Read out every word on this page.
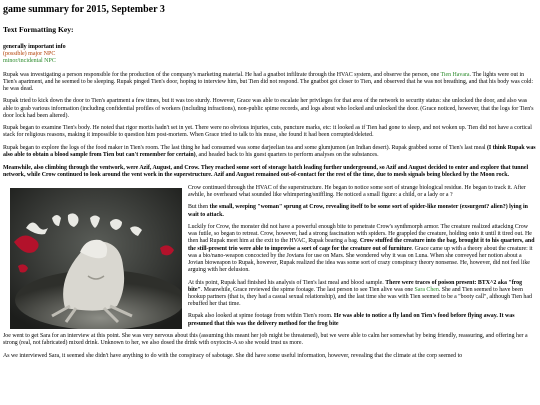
game summary for 2015, September 3
Text Formatting Key:
generally important info
(possible) major NPC
minor/incidental NPC

Rupak was investigating a person responsible for the production of the company's marketing material. He had a gnatbot infiltrate through the HVAC system, and observe the person, one Tien Havara. The lights were out in Tien's apartment, and he seemed to be sleeping. Rupak pinged Tien's door, hoping to interview him, but Tien did not respond. The gnatbot got closer to Tien, and observed that he was not breathing, and that his body was cold: he was dead.

Rupak tried to kick down the door to Tien's apartment a few times, but it was too sturdy. However, Grace was able to escalate her privileges for that area of the network to security status: she unlocked the door, and also was able to grab various information (including confidential profiles of workers (including infractions), non-public spime records, and logs about who locked and unlocked the door. (Grace noticed, however, that the logs for Tien's door lock had been altered).

Rupak began to examine Tien's body. He noted that rigor mortis hadn't set in yet. There were no obvious injuries, cuts, puncture marks, etc: it looked as if Tien had gone to sleep, and not woken up. Tien did not have a cortical stack for religious reasons, making it impossible to question him post-mortem. When Grace tried to talk to his muse, she found it had been corrupted/deleted.

Rupak began to explore the logs of the food maker in Tien's room. The last thing he had consumed was some darjeelian tea and some glumjumon (an Indian desert). Rupak grabbed some of Tien's last meal (I think Rupak was also able to obtain a blood sample from Tien but can't remember for certain), and headed back to his guest quarters to perform analyses on the substances.

Meanwhile, also climbing through the ventwork, were Azif, August, and Crow. They reached some sort of storage hatch leading further underground, so Azif and August decided to enter and explore that tunnel network, while Crow continued to look around the vent work in the superstructure. Azif and August remained out-of-contact for the rest of the time, due to mesh signals being blocked by the Moon rock.

Crow continued through the HVAC of the superstructure. He began to notice some sort of strange biological residue. He began to track it. After awhile, he overheard what sounded like whimpering/sniffling. He noticed a small figure: a child, or a lady or a ?

But then the small, weeping "woman" sprung at Crow, revealing itself to be some sort of spider-like monster (exsurgent? alien?) lying in wait to attack.

Luckily for Crow, the monster did not have a powerful enough bite to penetrate Crow's synthmorph armor. The creature realized attacking Crow was futile, so began to retreat. Crow, however, had a strong fascination with spiders. He grappled the creature, holding onto it until it tired out. He then had Rupak meet him at the exit to the HVAC, Rupak bearing a bag. Crow stuffed the creature into the bag, brought it to his quarters, and the still-present trio were able to improvise a sort of cage for the creature out of furniture. Grace came up with a theory about the creature: it was a bio/nano-weapon concocted by the Jovians for use on Mars. She wondered why it was on Luna. When she conveyed her notion about a Jovian bioweapon to Rupak, however, Rupak realized the idea was some sort of crazy conspiracy theory nonsense. He, however, did not feel like arguing with her delusion.

At this point, Rupak had finished his analysis of Tien's last meal and blood sample. There were traces of poison present: BTX^2 aka "frog bite". Meanwhile, Grace reviewed the spime footage. The last person to see Tien alive was one Sara Chen. She and Tien seemed to have been hookup partners (that is, they had a casual sexual relationship), and the last time she was with Tien seemed to be a "booty call", although Tien had rebuffed her that time.

Rupak also looked at spime footage from within Tien's room. He was able to notice a fly land on Tien's food before flying away. It was presumed that this was the delivery method for the frog bite

Joe went to get Sara for an interview at this point. She was very nervous about this (assuming this meant her job might be threatened), but we were able to calm her somewhat by being friendly, reassuring, and offering her a strong (real, not fabricated) mixed drink. Unknown to her, we also dosed the drink with oxytocin-A so she would trust us more.

As we interviewed Sara, it seemed she didn't have anything to do with the conspiracy of sabotage. She did have some useful information, however, revealing that the climate at the corp seemed to
